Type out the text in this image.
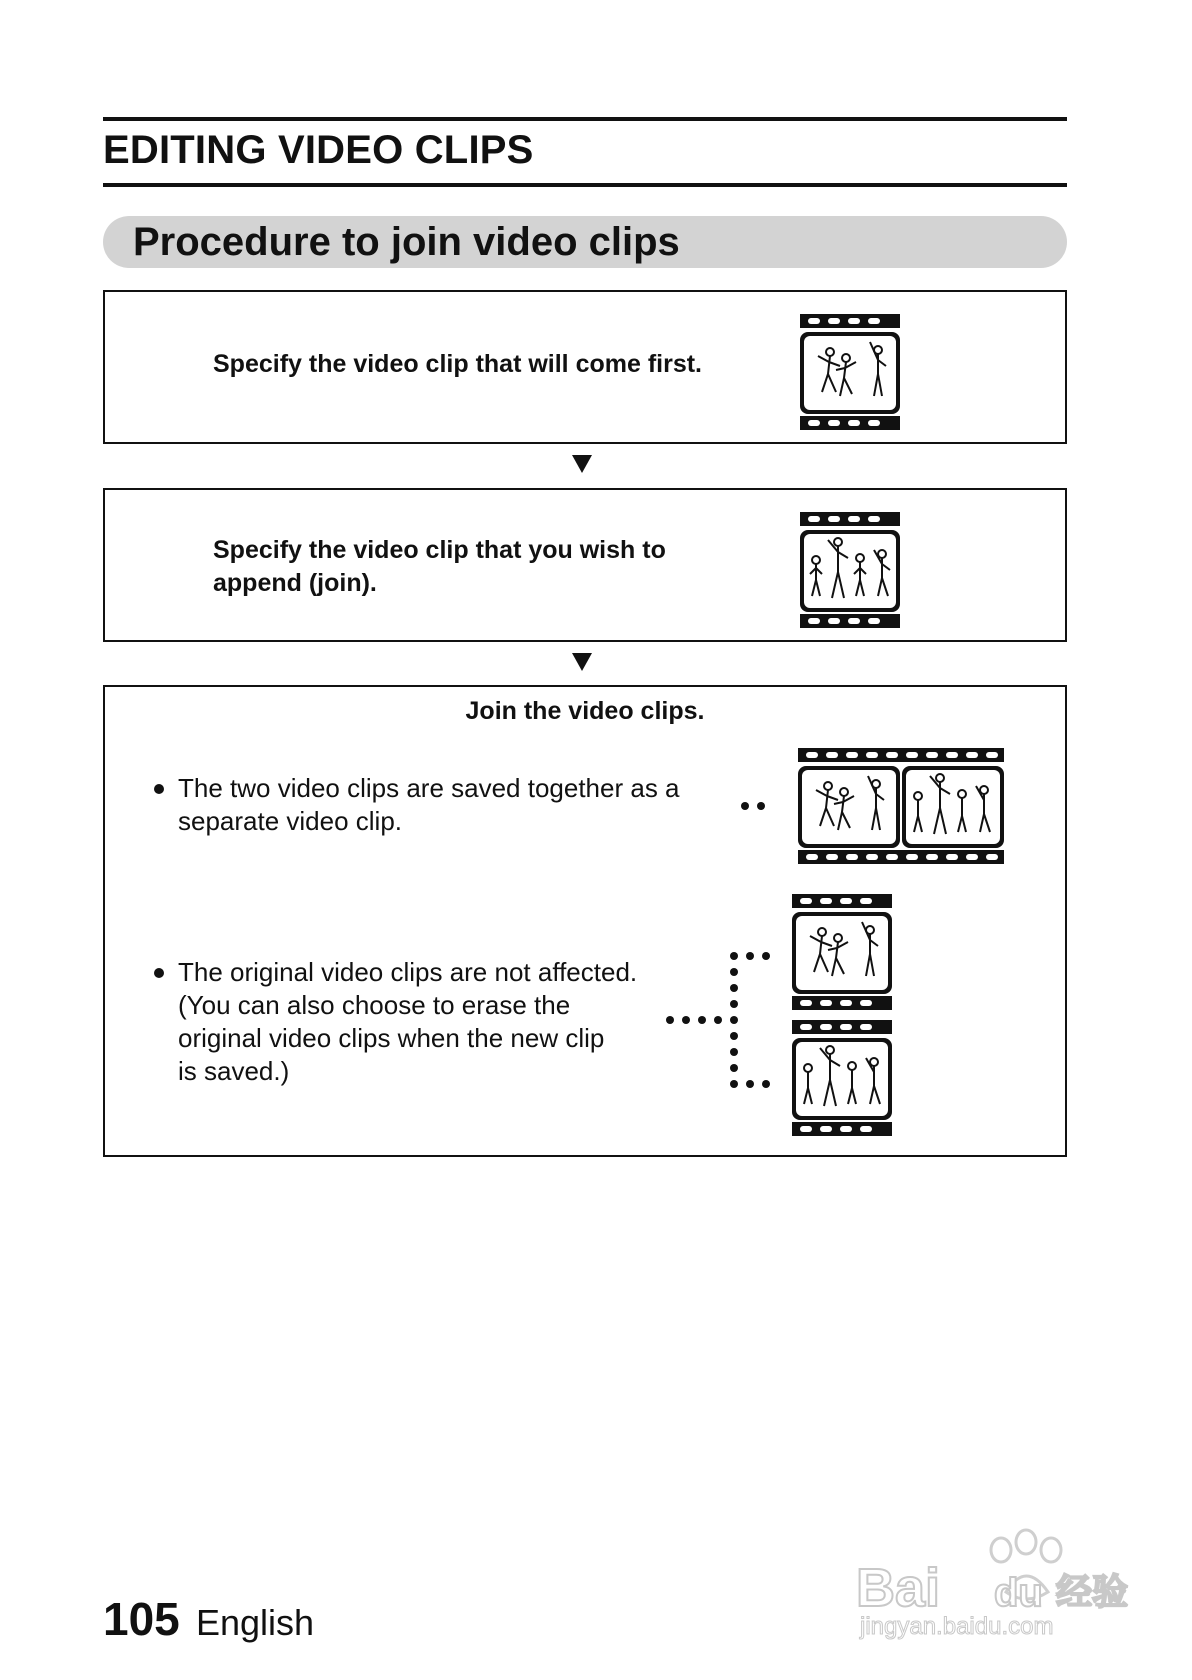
EDITING VIDEO CLIPS
Procedure to join video clips
Specify the video clip that will come first.
Specify the video clip that you wish to
append (join).
Join the video clips.
The two video clips are saved together as a
separate video clip.
The original video clips are not affected.
(You can also choose to erase the
original video clips when the new clip
is saved.)
105 English
Bai du 经验
jingyan.baidu.com
